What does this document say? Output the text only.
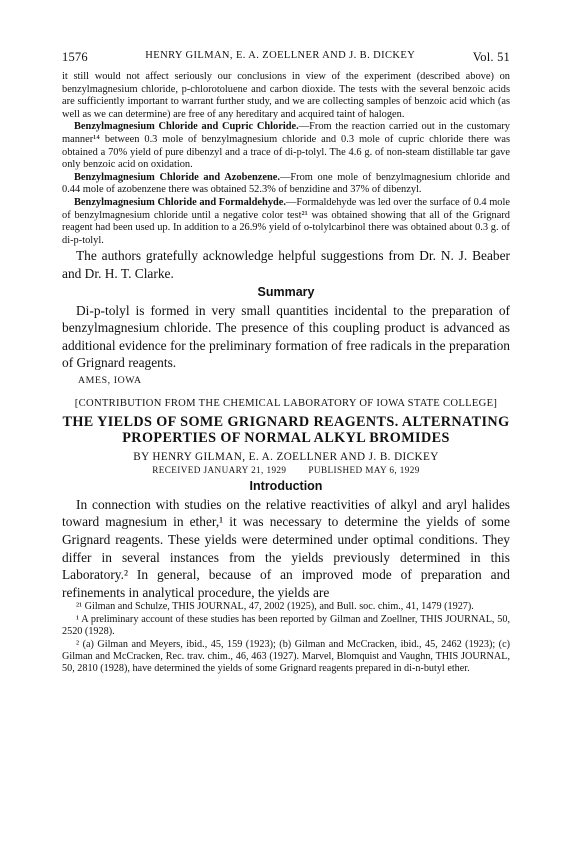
1576	HENRY GILMAN, E. A. ZOELLNER AND J. B. DICKEY	Vol. 51

it still would not affect seriously our conclusions in view of the experiment (described above) on benzylmagnesium chloride, p-chlorotoluene and carbon dioxide. The tests with the several benzoic acids are sufficiently important to warrant further study, and we are collecting samples of benzoic acid which (as well as we can determine) are free of any hereditary and acquired taint of halogen.

Benzylmagnesium Chloride and Cupric Chloride.—From the reaction carried out in the customary manner¹⁴ between 0.3 mole of benzylmagnesium chloride and 0.3 mole of cupric chloride there was obtained a 70% yield of pure dibenzyl and a trace of di-p-tolyl. The 4.6 g. of non-steam distillable tar gave only benzoic acid on oxidation.

Benzylmagnesium Chloride and Azobenzene.—From one mole of benzylmagnesium chloride and 0.44 mole of azobenzene there was obtained 52.3% of benzidine and 37% of dibenzyl.

Benzylmagnesium Chloride and Formaldehyde.—Formaldehyde was led over the surface of 0.4 mole of benzylmagnesium chloride until a negative color test²¹ was obtained showing that all of the Grignard reagent had been used up. In addition to a 26.9% yield of o-tolylcarbinol there was obtained about 0.3 g. of di-p-tolyl.

The authors gratefully acknowledge helpful suggestions from Dr. N. J. Beaber and Dr. H. T. Clarke.

Summary

Di-p-tolyl is formed in very small quantities incidental to the preparation of benzylmagnesium chloride. The presence of this coupling product is advanced as additional evidence for the preliminary formation of free radicals in the preparation of Grignard reagents.

AMES, IOWA
[CONTRIBUTION FROM THE CHEMICAL LABORATORY OF IOWA STATE COLLEGE]
THE YIELDS OF SOME GRIGNARD REAGENTS. ALTERNATING
PROPERTIES OF NORMAL ALKYL BROMIDES
BY HENRY GILMAN, E. A. ZOELLNER AND J. B. DICKEY
RECEIVED JANUARY 21, 1929 PUBLISHED MAY 6, 1929
Introduction

In connection with studies on the relative reactivities of alkyl and aryl halides toward magnesium in ether,¹ it was necessary to determine the yields of some Grignard reagents. These yields were determined under optimal conditions. They differ in several instances from the yields previously determined in this Laboratory.² In general, because of an improved mode of preparation and refinements in analytical procedure, the yields are

²¹ Gilman and Schulze, THIS JOURNAL, 47, 2002 (1925), and Bull. soc. chim., 41, 1479 (1927).

¹ A preliminary account of these studies has been reported by Gilman and Zoellner, THIS JOURNAL, 50, 2520 (1928).

² (a) Gilman and Meyers, ibid., 45, 159 (1923); (b) Gilman and McCracken, ibid., 45, 2462 (1923); (c) Gilman and McCracken, Rec. trav. chim., 46, 463 (1927). Marvel, Blomquist and Vaughn, THIS JOURNAL, 50, 2810 (1928), have determined the yields of some Grignard reagents prepared in di-n-butyl ether.
